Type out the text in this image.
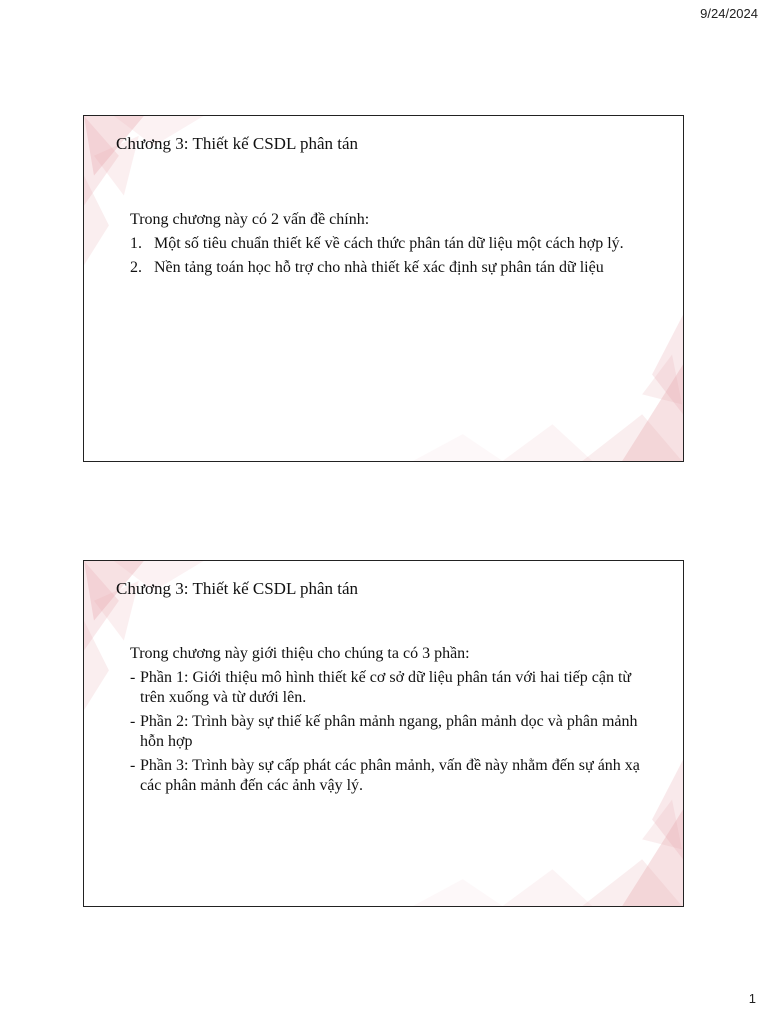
9/24/2024
Chương 3: Thiết kế CSDL phân tán
Trong chương này có 2 vấn đề chính:
1. Một số tiêu chuẩn thiết kế về cách thức phân tán dữ liệu một cách hợp lý.
2. Nền tảng toán học hỗ trợ cho nhà thiết kế xác định sự phân tán dữ liệu
Chương 3: Thiết kế CSDL phân tán
Trong chương này giới thiệu cho chúng ta có 3 phần:
- Phần 1: Giới thiệu mô hình thiết kế cơ sở dữ liệu phân tán với hai tiếp cận từ trên xuống và từ dưới lên.
- Phần 2: Trình bày sự thiế kế phân mảnh ngang, phân mảnh dọc và phân mảnh hỗn hợp
- Phần 3: Trình bày sự cấp phát các phân mảnh, vấn đề này nhằm đến sự ánh xạ các phân mảnh đến các ảnh vậy lý.
1
